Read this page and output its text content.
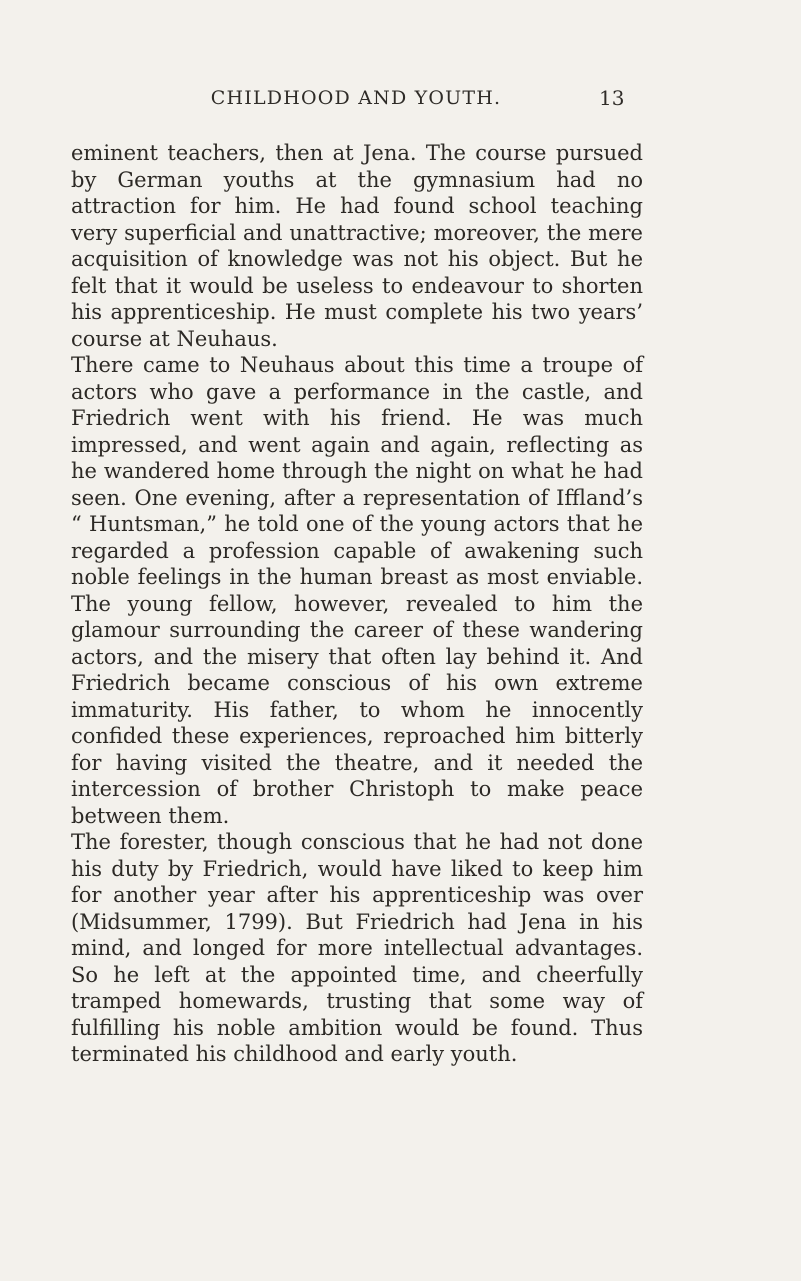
CHILDHOOD AND YOUTH.	13

eminent teachers, then at Jena. The course pursued by German youths at the gymnasium had no attraction for him. He had found school teaching very superficial and unattractive; moreover, the mere acquisition of knowledge was not his object. But he felt that it would be useless to endeavour to shorten his apprenticeship. He must complete his two years’ course at Neuhaus.

There came to Neuhaus about this time a troupe of actors who gave a performance in the castle, and Friedrich went with his friend. He was much impressed, and went again and again, reflecting as he wandered home through the night on what he had seen. One evening, after a representation of Iffland’s “ Huntsman,” he told one of the young actors that he regarded a profession capable of awakening such noble feelings in the human breast as most enviable. The young fellow, however, revealed to him the glamour surrounding the career of these wandering actors, and the misery that often lay behind it. And Friedrich became conscious of his own extreme immaturity. His father, to whom he innocently confided these experiences, reproached him bitterly for having visited the theatre, and it needed the intercession of brother Christoph to make peace between them.

The forester, though conscious that he had not done his duty by Friedrich, would have liked to keep him for another year after his apprenticeship was over (Midsummer, 1799). But Friedrich had Jena in his mind, and longed for more intellectual advantages. So he left at the appointed time, and cheerfully tramped homewards, trusting that some way of fulfilling his noble ambition would be found. Thus terminated his childhood and early youth.
